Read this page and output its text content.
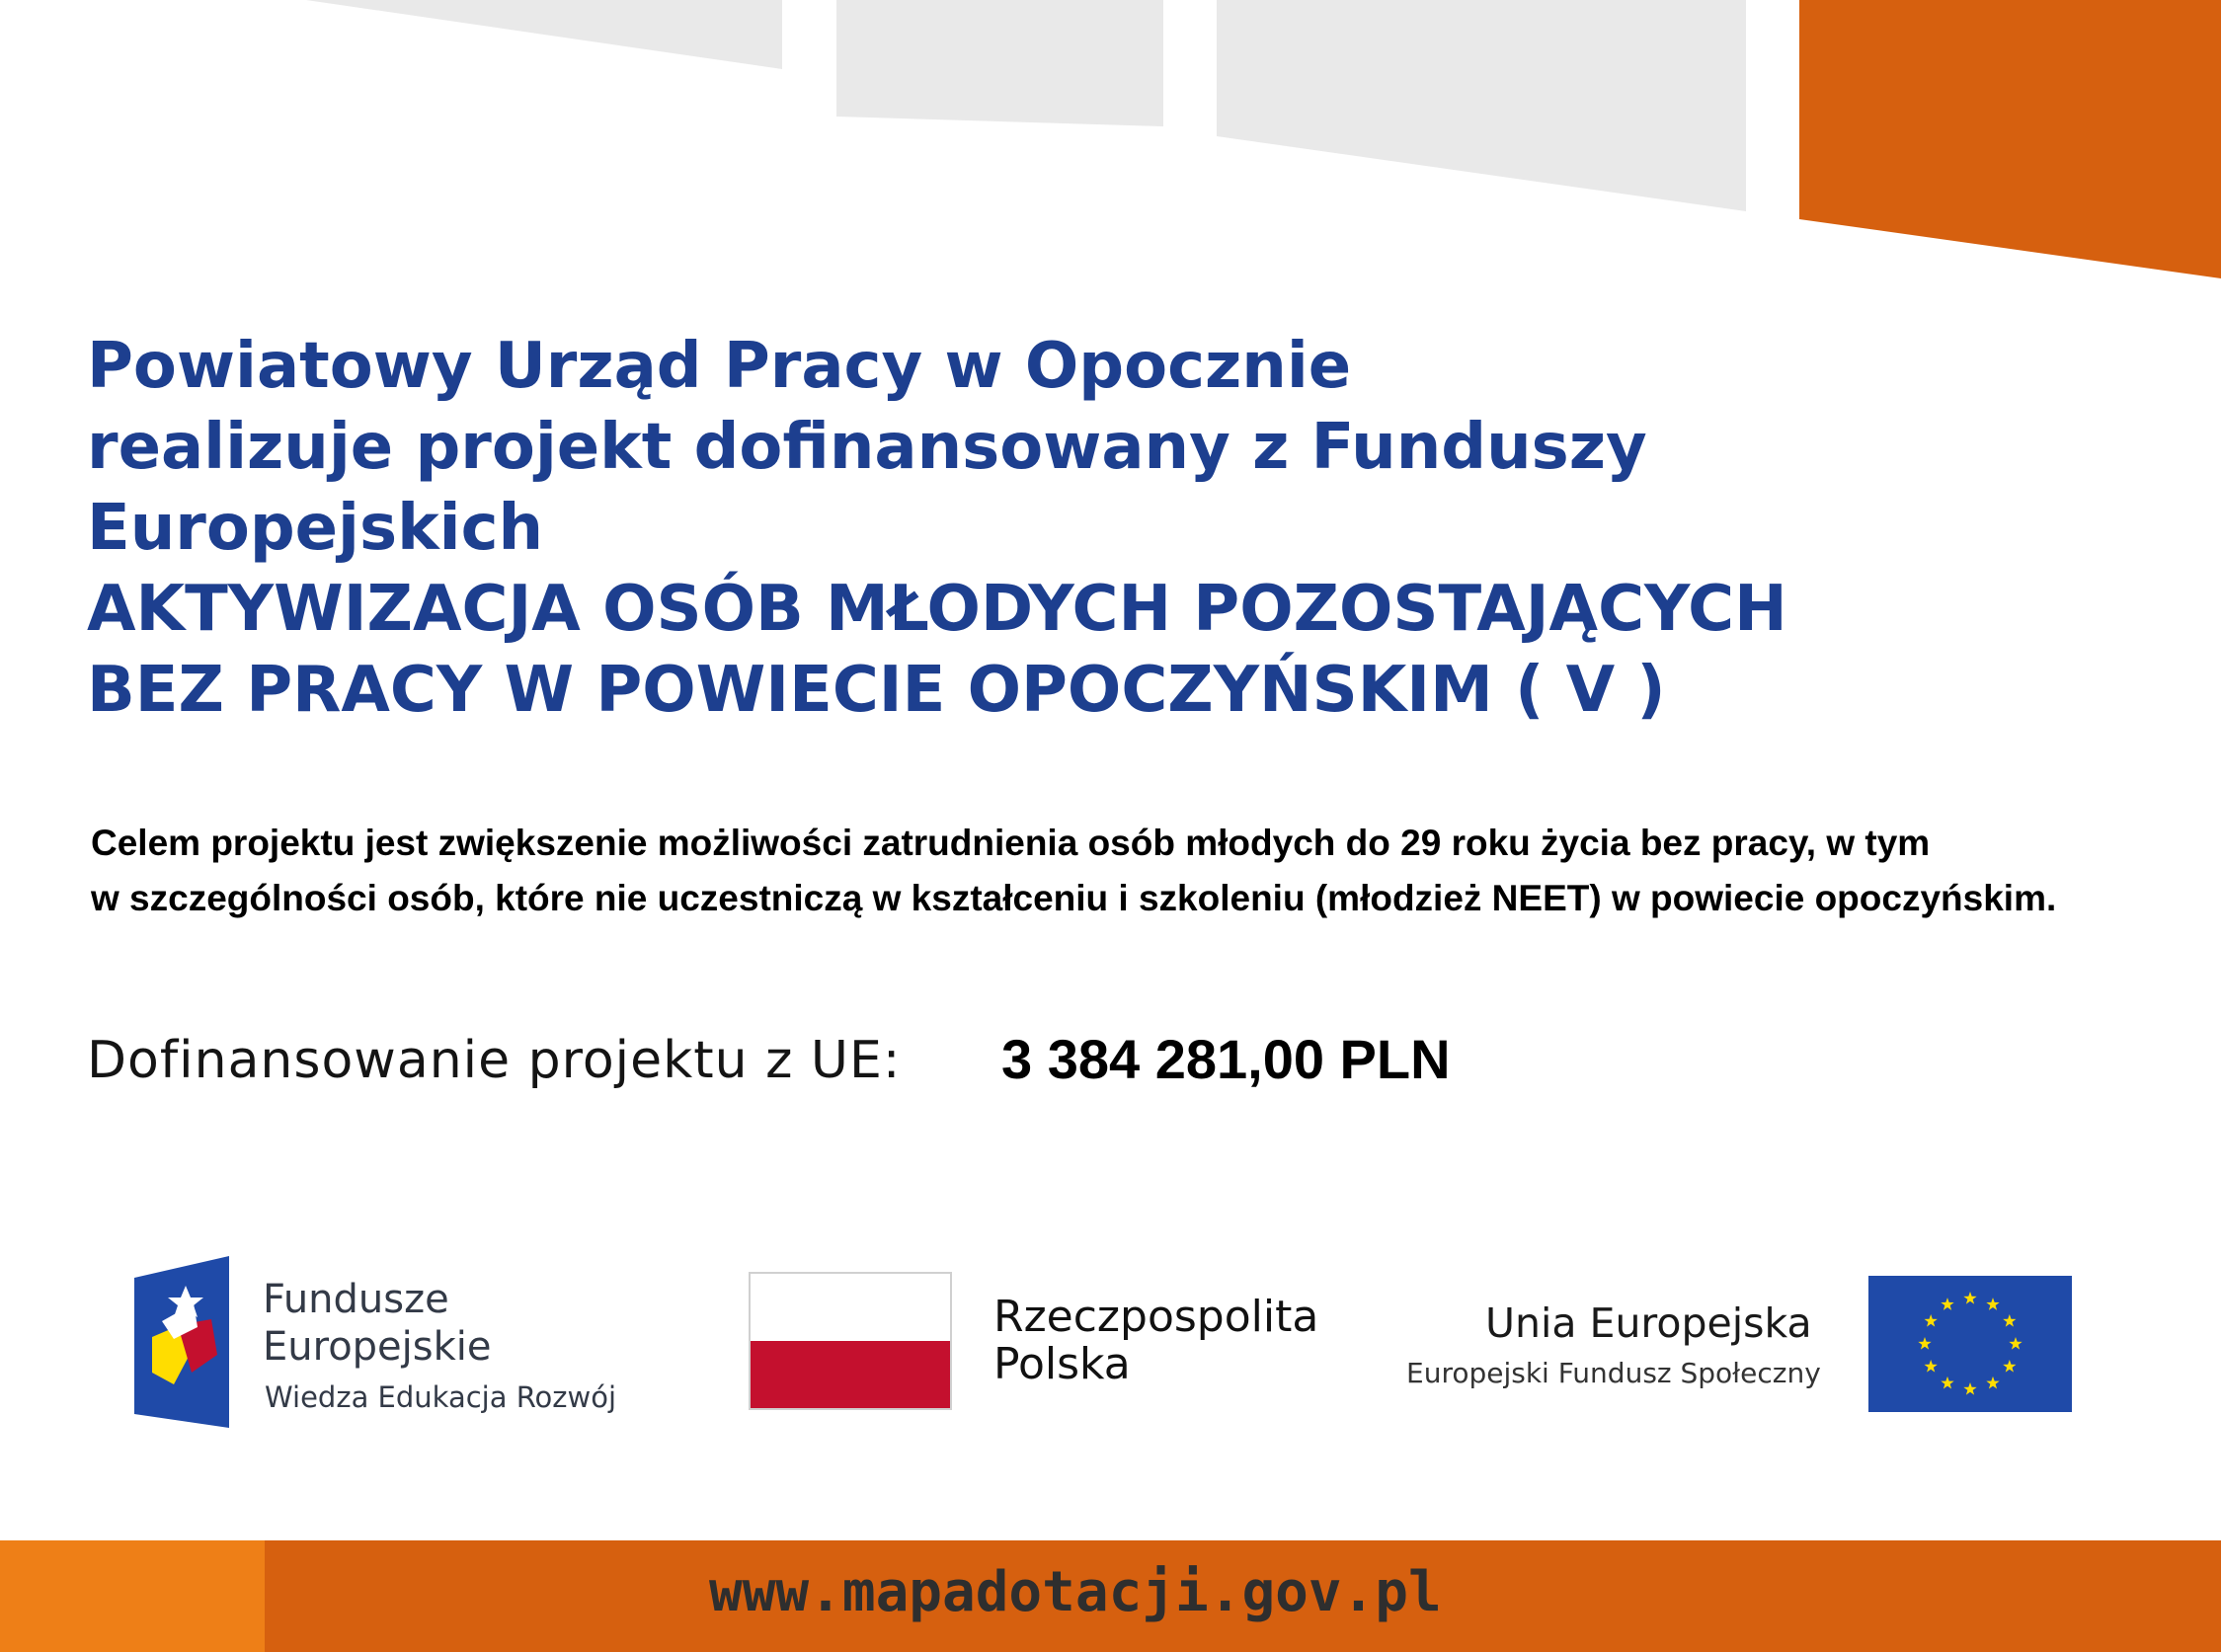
Powiatowy Urząd Pracy w Opocznie
realizuje projekt dofinansowany z Funduszy
Europejskich
AKTYWIZACJA OSÓB MŁODYCH POZOSTAJĄCYCH
BEZ PRACY W POWIECIE OPOCZYŃSKIM ( V )
Celem projektu jest zwiększenie możliwości zatrudnienia osób młodych do 29 roku życia bez pracy, w tym
w szczególności osób, które nie uczestniczą w kształceniu i szkoleniu (młodzież NEET) w powiecie opoczyńskim.
Dofinansowanie projektu z UE: 3 384 281,00 PLN
Fundusze
Europejskie
Wiedza Edukacja Rozwój
Rzeczpospolita
Polska
Unia Europejska
Europejski Fundusz Społeczny
www.mapadotacji.gov.pl
